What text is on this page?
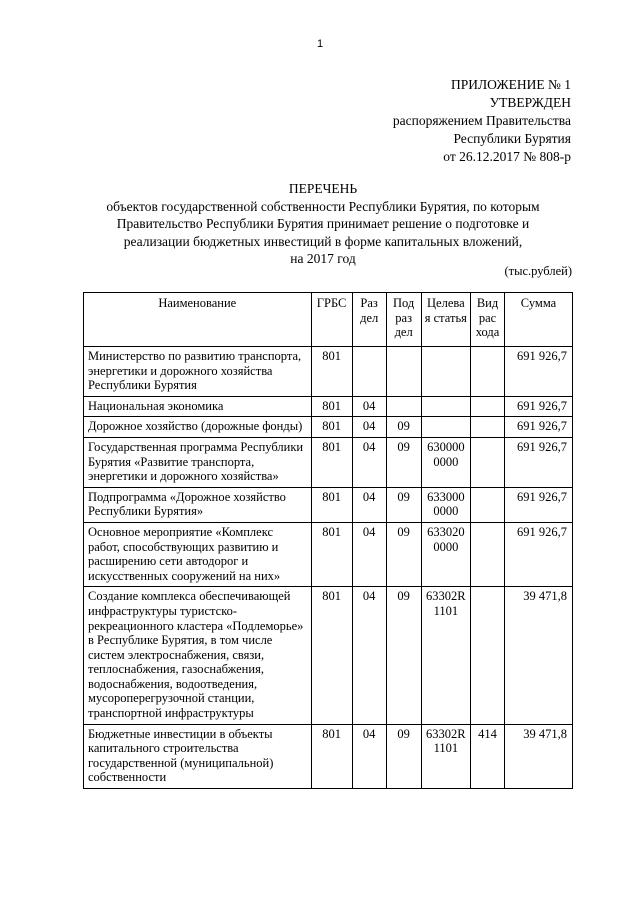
1
ПРИЛОЖЕНИЕ № 1
УТВЕРЖДЕН
распоряжением Правительства
Республики Бурятия
от 26.12.2017 № 808-р
ПЕРЕЧЕНЬ
объектов государственной собственности Республики Бурятия, по которым
Правительство Республики Бурятия принимает решение о подготовке и
реализации бюджетных инвестиций в форме капитальных вложений,
на 2017 год
(тыс.рублей)
Наименование	ГРБС	Раз дел	Под раз дел	Целева я статья	Вид рас хода	Сумма
Министерство по развитию транспорта, энергетики и дорожного хозяйства Республики Бурятия	801					691 926,7
Национальная экономика	801	04				691 926,7
Дорожное хозяйство (дорожные фонды)	801	04	09			691 926,7
Государственная программа Республики Бурятия «Развитие транспорта, энергетики и дорожного хозяйства»	801	04	09	630000 0000		691 926,7
Подпрограмма «Дорожное хозяйство Республики Бурятия»	801	04	09	633000 0000		691 926,7
Основное мероприятие «Комплекс работ, способствующих развитию и расширению сети автодорог и искусственных сооружений на них»	801	04	09	633020 0000		691 926,7
Создание комплекса обеспечивающей инфраструктуры туристско-рекреационного кластера «Подлеморье» в Республике Бурятия, в том числе систем электроснабжения, связи, теплоснабжения, газоснабжения, водоснабжения, водоотведения, мусороперегрузочной станции, транспортной инфраструктуры	801	04	09	63302R 1101		39 471,8
Бюджетные инвестиции в объекты капитального строительства государственной (муниципальной) собственности	801	04	09	63302R 1101	414	39 471,8
